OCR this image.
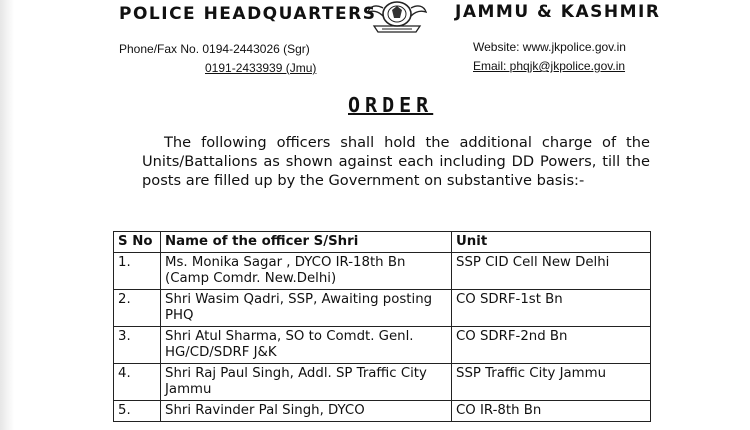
POLICE HEADQUARTERS	JAMMU & KASHMIR
Phone/Fax No. 0194-2443026 (Sgr)
0191-2433939 (Jmu)
Website: www.jkpolice.gov.in
Email: phqjk@jkpolice.gov.in
ORDER
The following officers shall hold the additional charge of the Units/Battalions as shown against each including DD Powers, till the posts are filled up by the Government on substantive basis:-
S No	Name of the officer S/Shri	Unit
1.	Ms. Monika Sagar , DYCO IR-18th Bn (Camp Comdr. New.Delhi)	SSP CID Cell New Delhi
2.	Shri Wasim Qadri, SSP, Awaiting posting PHQ	CO SDRF-1st Bn
3.	Shri Atul Sharma, SO to Comdt. Genl. HG/CD/SDRF J&K	CO SDRF-2nd Bn
4.	Shri Raj Paul Singh, Addl. SP Traffic City Jammu	SSP Traffic City Jammu
5.	Shri Ravinder Pal Singh, DYCO	CO IR-8th Bn
